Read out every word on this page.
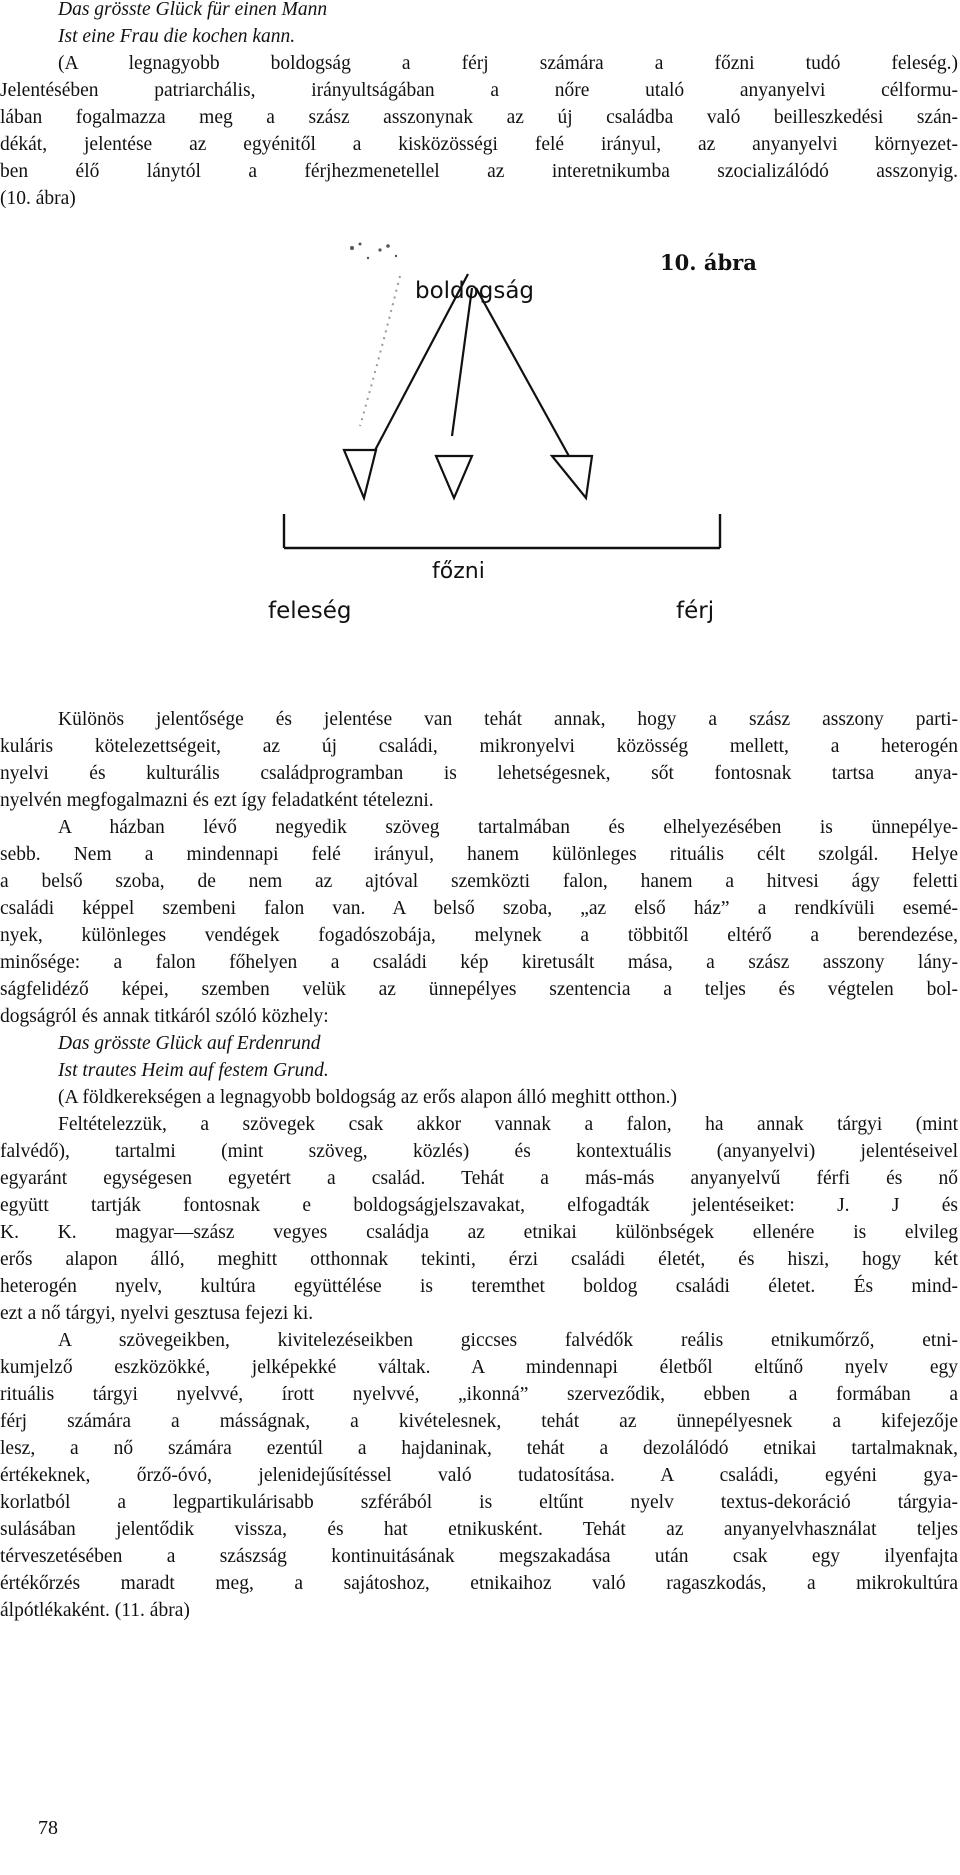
Das grösste Glück für einen Mann
Ist eine Frau die kochen kann.
(A legnagyobb boldogság a férj számára a főzni tudó feleség.)
Jelentésében patriarchális, irányultságában a nőre utaló anyanyelvi célformu-
lában fogalmazza meg a szász asszonynak az új családba való beilleszkedési szán-
dékát, jelentése az egyénitől a kisközösségi felé irányul, az anyanyelvi környezet-
ben élő lánytól a férjhezmenetellel az interetnikumba szocializálódó asszonyig.
(10. ábra)
10. ábra
boldogság
főzni
feleség	férj
Különös jelentősége és jelentése van tehát annak, hogy a szász asszony parti-
kuláris kötelezettségeit, az új családi, mikronyelvi közösség mellett, a heterogén
nyelvi és kulturális családprogramban is lehetségesnek, sőt fontosnak tartsa anya-
nyelvén megfogalmazni és ezt így feladatként tételezni.
A házban lévő negyedik szöveg tartalmában és elhelyezésében is ünnepélye-
sebb. Nem a mindennapi felé irányul, hanem különleges rituális célt szolgál. Helye
a belső szoba, de nem az ajtóval szemközti falon, hanem a hitvesi ágy feletti
családi képpel szembeni falon van. A belső szoba, „az első ház” a rendkívüli esemé-
nyek, különleges vendégek fogadószobája, melynek a többitől eltérő a berendezése,
minősége: a falon főhelyen a családi kép kiretusált mása, a szász asszony lány-
ságfelidéző képei, szemben velük az ünnepélyes szentencia a teljes és végtelen bol-
dogságról és annak titkáról szóló közhely:
Das grösste Glück auf Erdenrund
Ist trautes Heim auf festem Grund.
(A földkerekségen a legnagyobb boldogság az erős alapon álló meghitt otthon.)
Feltételezzük, a szövegek csak akkor vannak a falon, ha annak tárgyi (mint
falvédő), tartalmi (mint szöveg, közlés) és kontextuális (anyanyelvi) jelentéseivel
egyaránt egységesen egyetért a család. Tehát a más-más anyanyelvű férfi és nő
együtt tartják fontosnak e boldogságjelszavakat, elfogadták jelentéseiket: J. J és
K. K. magyar—szász vegyes családja az etnikai különbségek ellenére is elvileg
erős alapon álló, meghitt otthonnak tekinti, érzi családi életét, és hiszi, hogy két
heterogén nyelv, kultúra együttélése is teremthet boldog családi életet. És mind-
ezt a nő tárgyi, nyelvi gesztusa fejezi ki.
A szövegeikben, kivitelezéseikben giccses falvédők reális etnikumőrző, etni-
kumjelző eszközökké, jelképekké váltak. A mindennapi életből eltűnő nyelv egy
rituális tárgyi nyelvvé, írott nyelvvé, „ikonná” szerveződik, ebben a formában a
férj számára a másságnak, a kivételesnek, tehát az ünnepélyesnek a kifejezője
lesz, a nő számára ezentúl a hajdaninak, tehát a dezolálódó etnikai tartalmaknak,
értékeknek, őrző-óvó, jelenidejűsítéssel való tudatosítása. A családi, egyéni gya-
korlatból a legpartikulárisabb szférából is eltűnt nyelv textus-dekoráció tárgyia-
sulásában jelentődik vissza, és hat etnikusként. Tehát az anyanyelvhasználat teljes
térveszetésében a szászság kontinuitásának megszakadása után csak egy ilyenfajta
értékőrzés maradt meg, a sajátoshoz, etnikaihoz való ragaszkodás, a mikrokultúra
álpótlékaként. (11. ábra)
78
